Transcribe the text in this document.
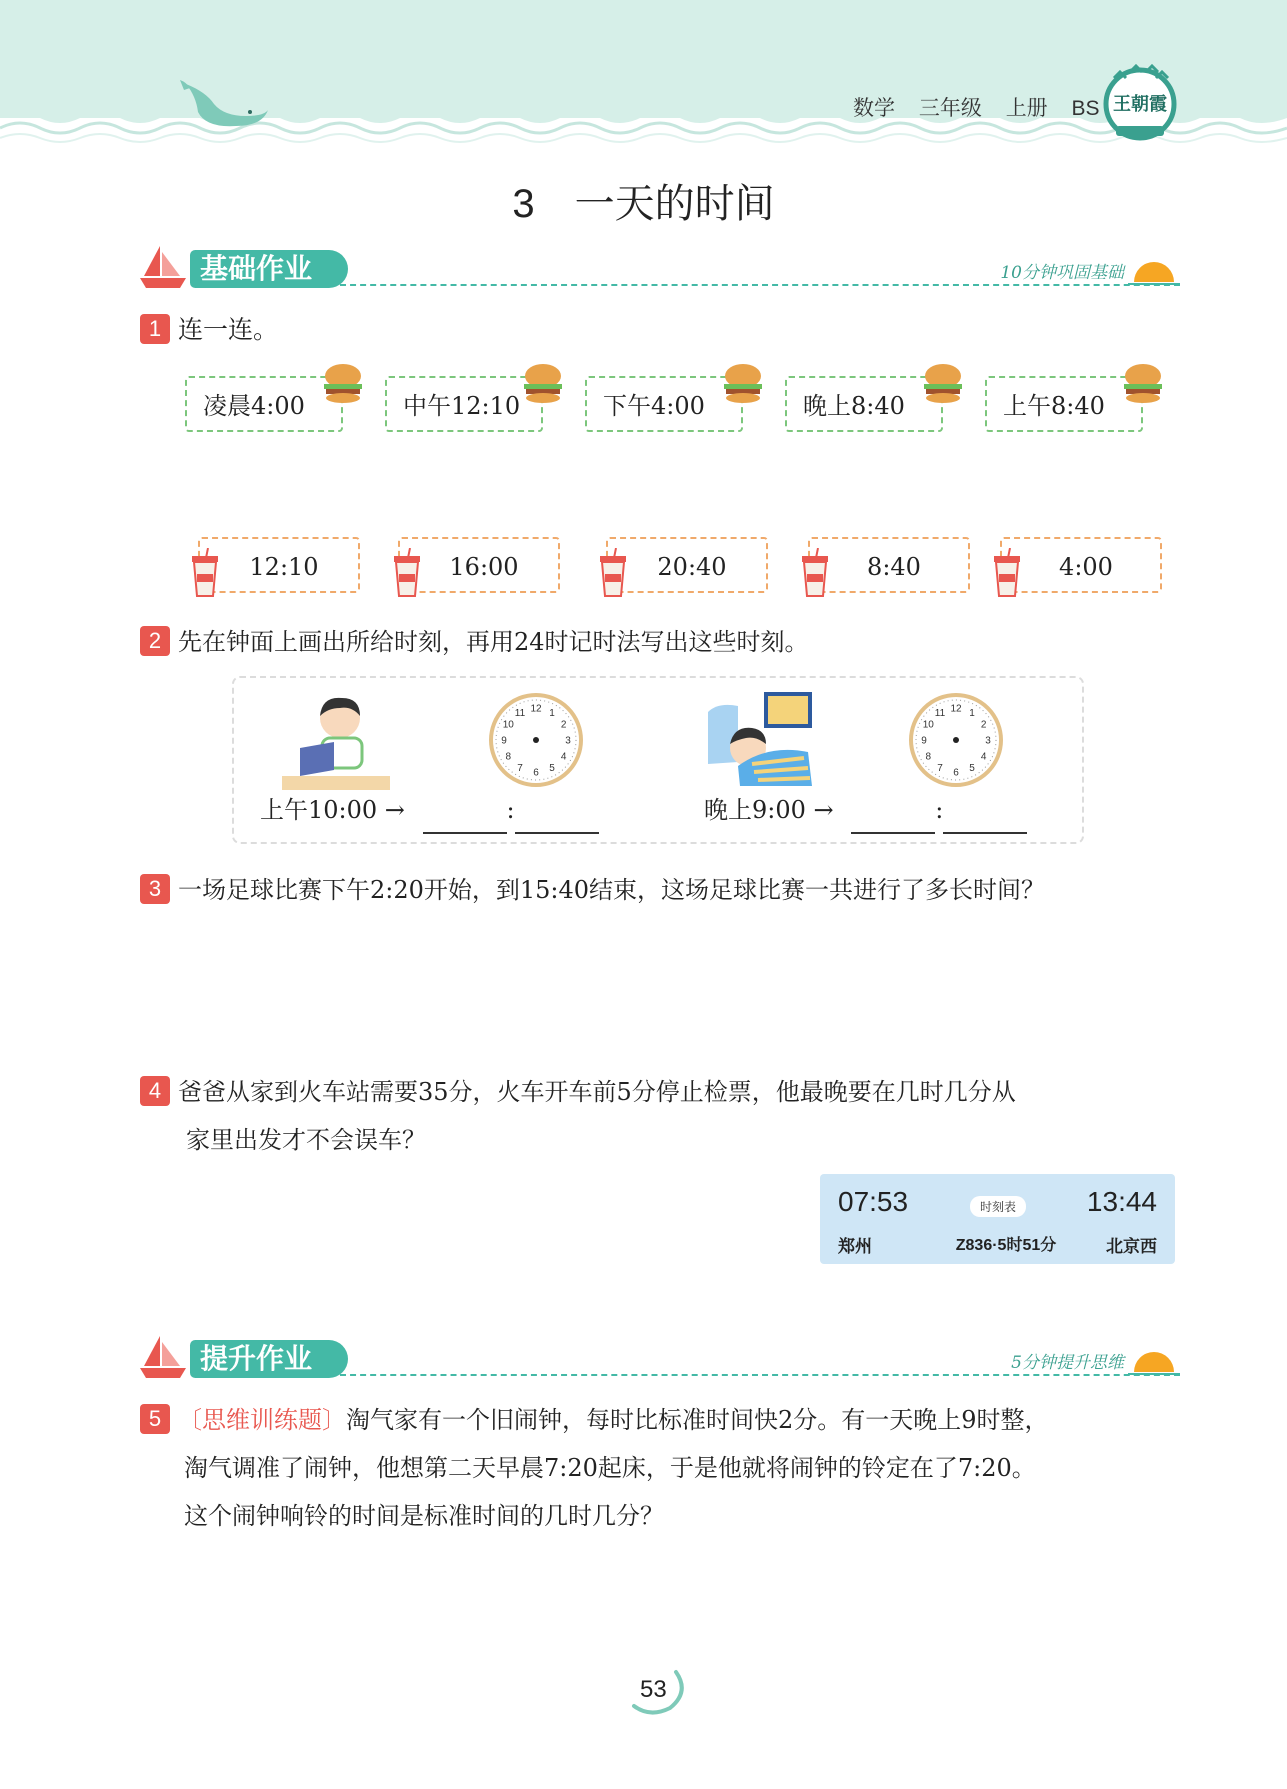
数学 三年级 上册 BS 王朝霞
3　一天的时间
基础作业	10分钟巩固基础
1 连一连。
凌晨4:00	中午12:10	下午4:00	晚上8:40	上午8:40
12:10	16:00	20:40	8:40	4:00
2 先在钟面上画出所给时刻，再用24时记时法写出这些时刻。
12 1
2
3
4
5
6
7
8
9
10
11	12 1
2
3
4
5
6
7
8
9
10
11
上午10:00 →	:	晚上9:00 →	:
3 一场足球比赛下午2:20开始，到15:40结束，这场足球比赛一共进行了多长时间？
4 爸爸从家到火车站需要35分，火车开车前5分停止检票，他最晚要在几时几分从
家里出发才不会误车？
07:53	时刻表	13:44
郑州	Z836·5时51分	北京西
提升作业	5分钟提升思维
5 〔思维训练题〕淘气家有一个旧闹钟，每时比标准时间快2分。有一天晚上9时整，
淘气调准了闹钟，他想第二天早晨7:20起床，于是他就将闹钟的铃定在了7:20。
这个闹钟响铃的时间是标准时间的几时几分？
53
